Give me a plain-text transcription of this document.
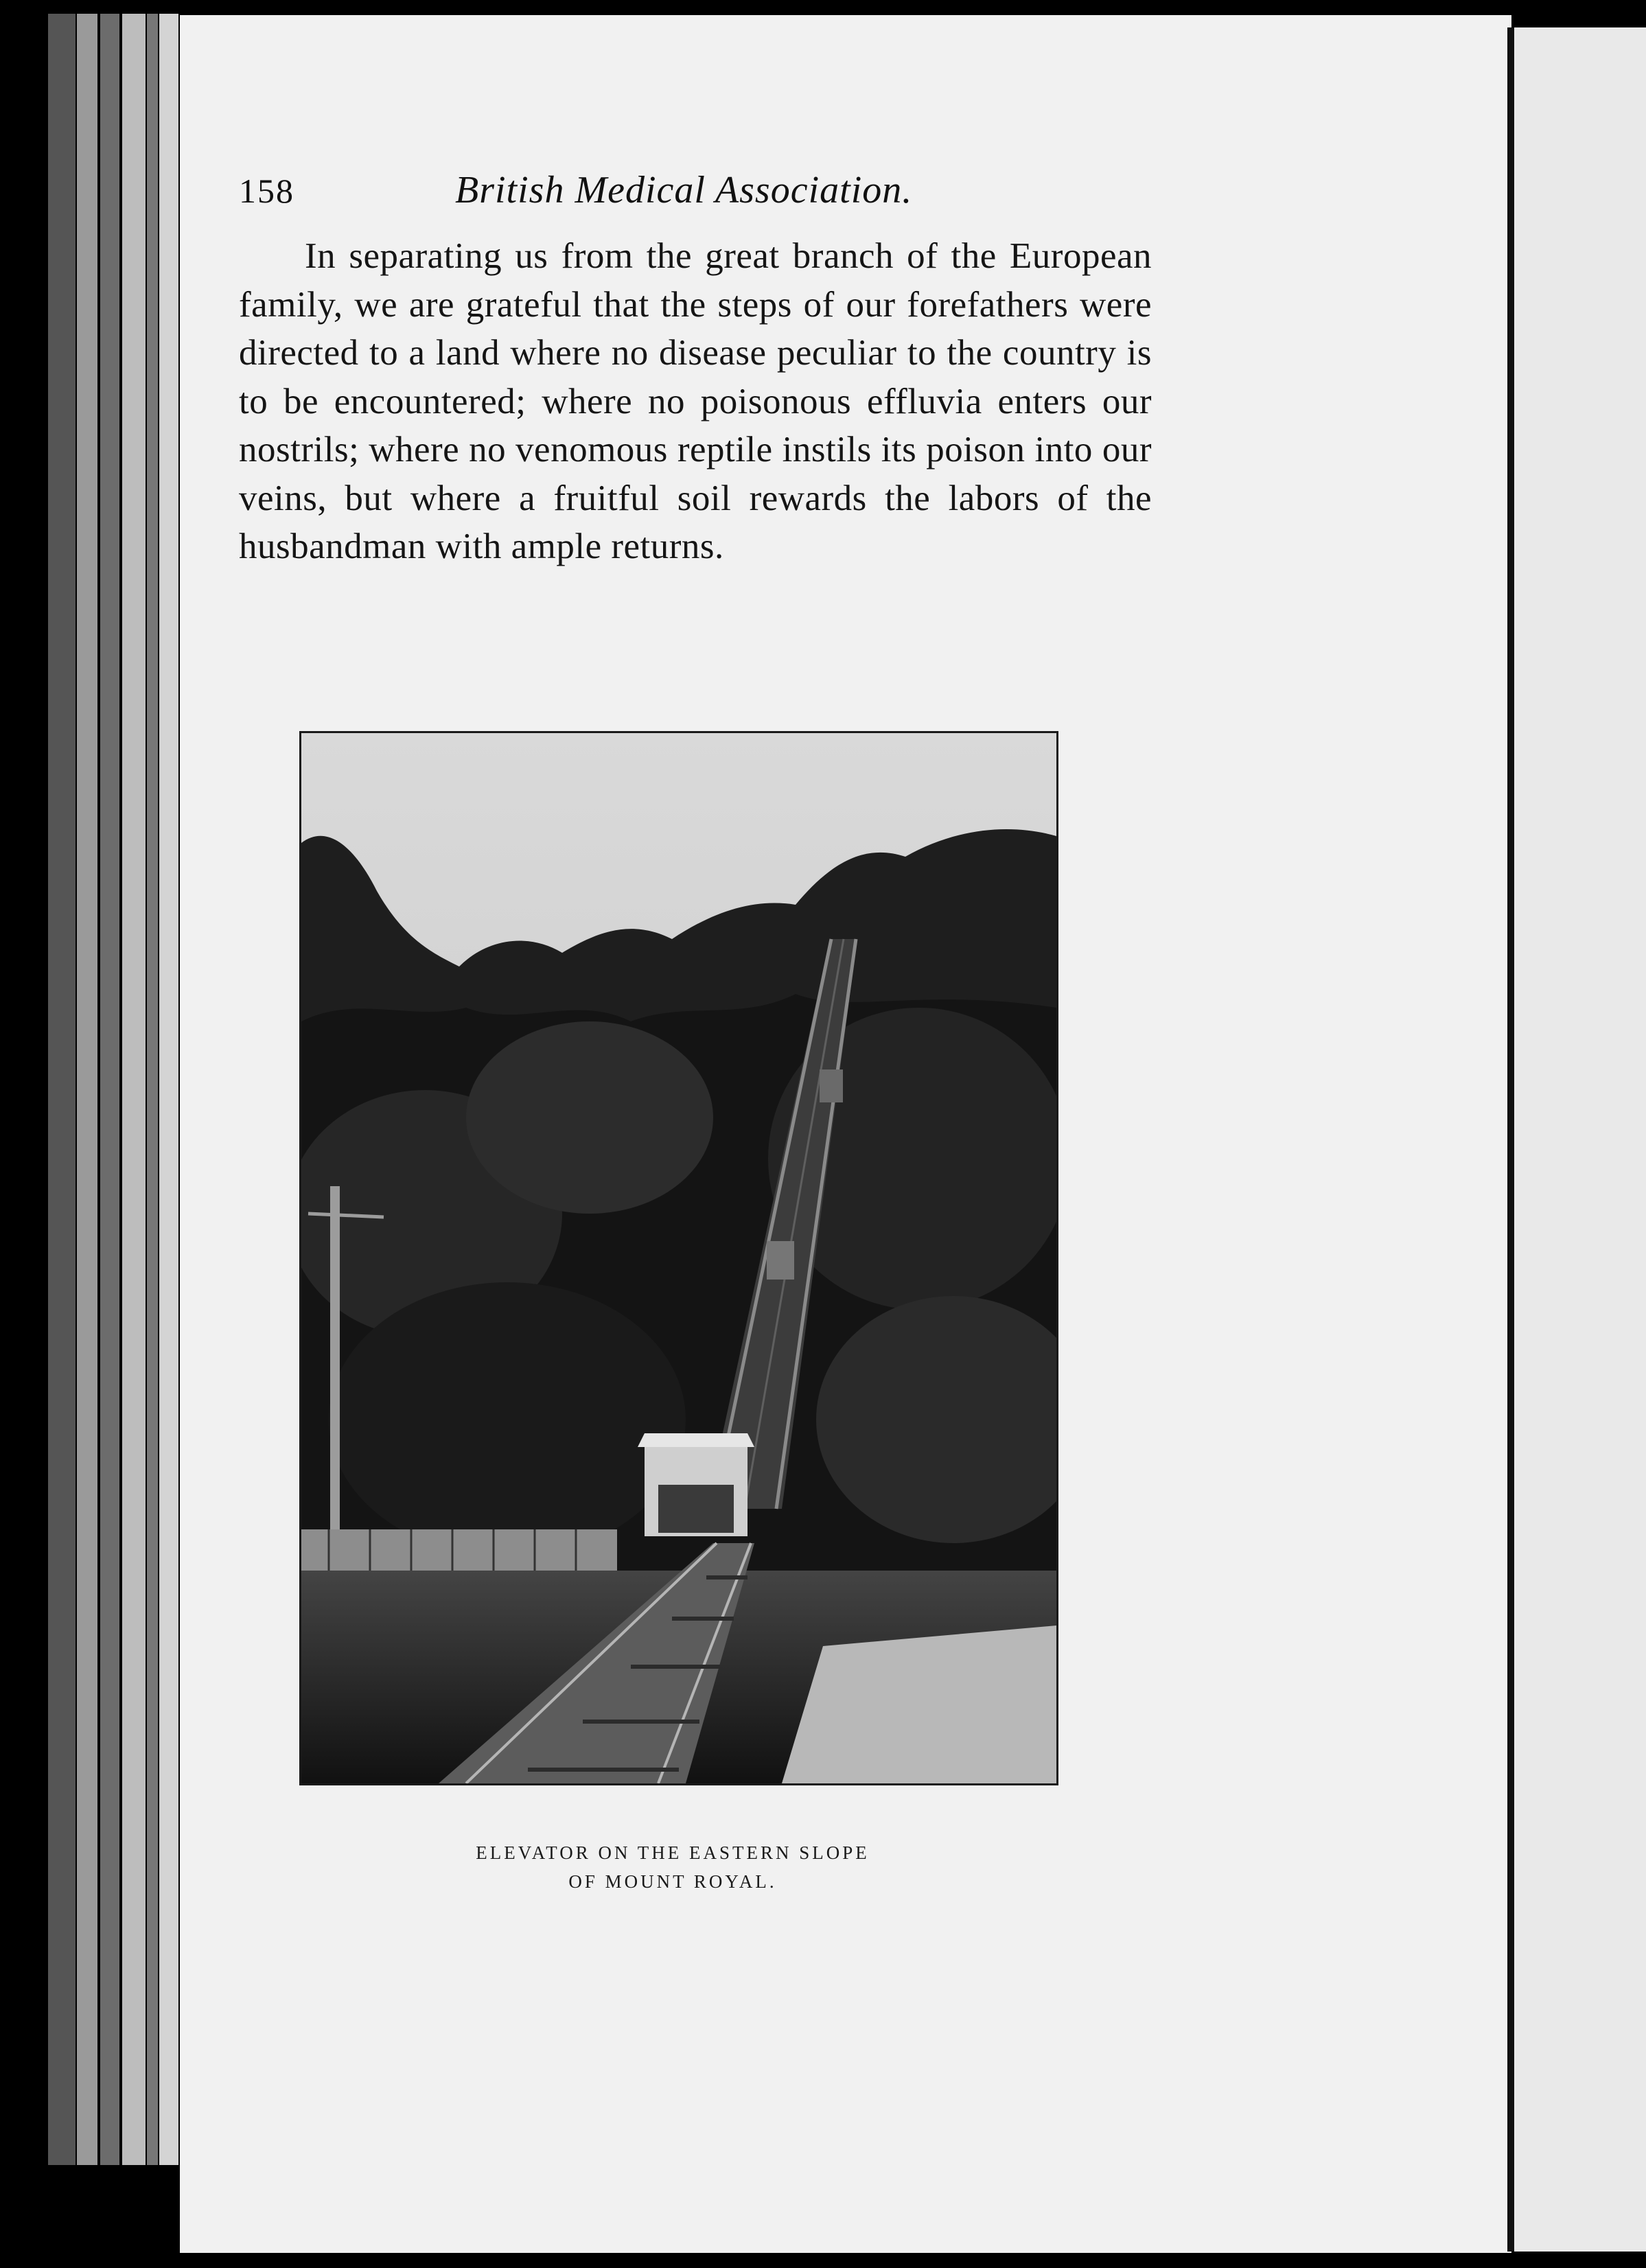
158	British Medical Association.

In separating us from the great branch of the European family, we are grateful that the steps of our forefathers were directed to a land where no disease peculiar to the country is to be encountered; where no poisonous effluvia enters our nostrils; where no venomous reptile instils its poison into our veins, but where a fruitful soil rewards the labors of the husbandman with ample returns.

ELEVATOR ON THE EASTERN SLOPE
OF MOUNT ROYAL.
